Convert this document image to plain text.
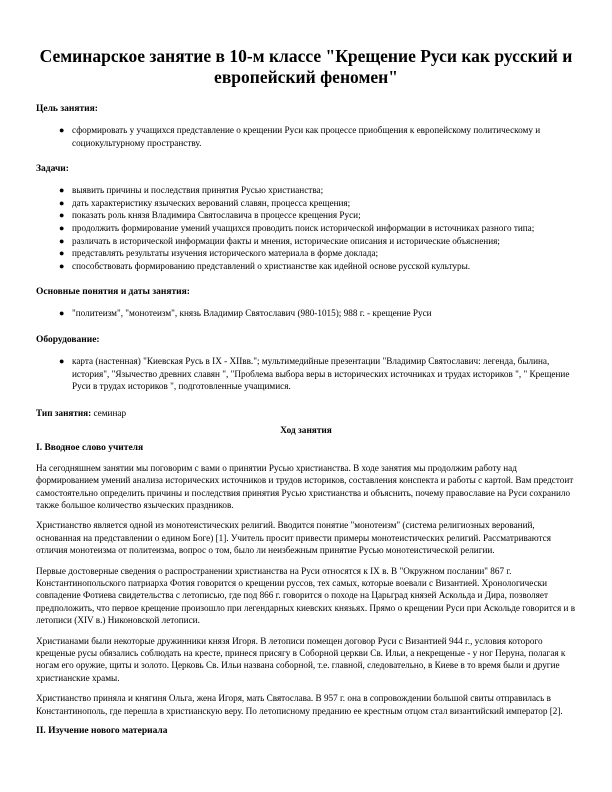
Семинарское занятие в 10-м классе "Крещение Руси как русский и европейский феномен"
Цель занятия:
● сформировать у учащихся представление о крещении Руси как процессе приобщения к европейскому политическому и социокультурному пространству.
Задачи:
● выявить причины и последствия принятия Русью христианства;
● дать характеристику языческих верований славян, процесса крещения;
● показать роль князя Владимира Святославича в процессе крещения Руси;
● продолжить формирование умений учащихся проводить поиск исторической информации в источниках разного типа;
● различать в исторической информации факты и мнения, исторические описания и исторические объяснения;
● представлять результаты изучения исторического материала в форме доклада;
● способствовать формированию представлений о христианстве как идейной основе русской культуры.
Основные понятия и даты занятия:
● "политеизм", "монотеизм", князь Владимир Святославич (980-1015); 988 г. - крещение Руси
Оборудование:
● карта (настенная) "Киевская Русь в IX - XIIвв."; мультимедийные презентации "Владимир Святославич: легенда, былина, история", "Язычество древних славян ", "Проблема выбора веры в исторических источниках и трудах историков ", " Крещение Руси в трудах историков ", подготовленные учащимися.
Тип занятия: семинар
Ход занятия
I. Вводное слово учителя

На сегодняшнем занятии мы поговорим с вами о принятии Русью христианства. В ходе занятия мы продолжим работу над формированием умений анализа исторических источников и трудов историков, составления конспекта и работы с картой. Вам предстоит самостоятельно определить причины и последствия принятия Русью христианства и объяснить, почему православие на Руси сохранило также большое количество языческих праздников.

Христианство является одной из монотеистических религий. Вводится понятие "монотеизм" (система религиозных верований, основанная на представлении о едином Боге) [1]. Учитель просит привести примеры монотеистических религий. Рассматриваются отличия монотеизма от политеизма, вопрос о том, было ли неизбежным принятие Русью монотеистической религии.

Первые достоверные сведения о распространении христианства на Руси относятся к IX в. В "Окружном послании" 867 г. Константинопольского патриарха Фотия говорится о крещении руссов, тех самых, которые воевали с Византией. Хронологически совпадение Фотиева свидетельства с летописью, где под 866 г. говорится о походе на Царьград князей Аскольда и Дира, позволяет предположить, что первое крещение произошло при легендарных киевских князьях. Прямо о крещении Руси при Аскольде говорится и в летописи (XIV в.) Никоновской летописи.

Христианами были некоторые дружинники князя Игоря. В летописи помещен договор Руси с Византией 944 г., условия которого крещеные русы обязались соблюдать на кресте, принеся присягу в Соборной церкви Св. Ильи, а некрещеные - у ног Перуна, полагая к ногам его оружие, щиты и золото. Церковь Св. Ильи названа соборной, т.е. главной, следовательно, в Киеве в то время были и другие христианские храмы.

Христианство приняла и княгиня Ольга, жена Игоря, мать Святослава. В 957 г. она в сопровождении большой свиты отправилась в Константинополь, где перешла в христианскую веру. По летописному преданию ее крестным отцом стал византийский император [2].

II. Изучение нового материала
